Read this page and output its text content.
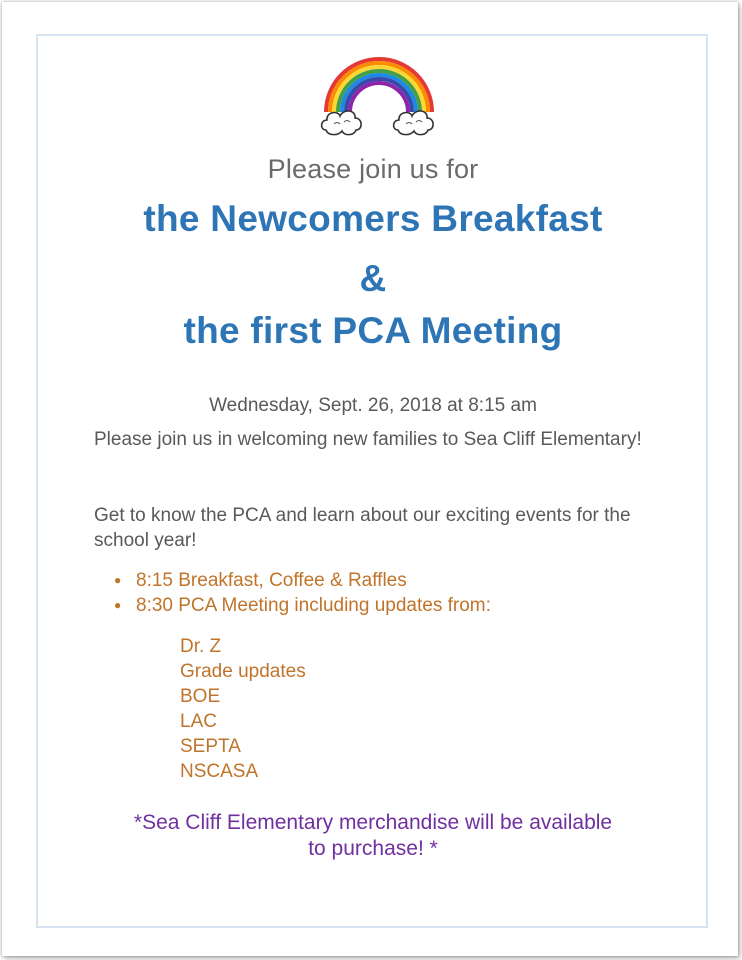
Please join us for
the Newcomers Breakfast
&
the first PCA Meeting
Wednesday, Sept. 26, 2018 at 8:15 am
Please join us in welcoming new families to Sea Cliff Elementary!
Get to know the PCA and learn about our exciting events for the school year!
● 8:15 Breakfast, Coffee & Raffles
● 8:30 PCA Meeting including updates from:
Dr. Z
Grade updates
BOE
LAC
SEPTA
NSCASA
*Sea Cliff Elementary merchandise will be available
to purchase! *
